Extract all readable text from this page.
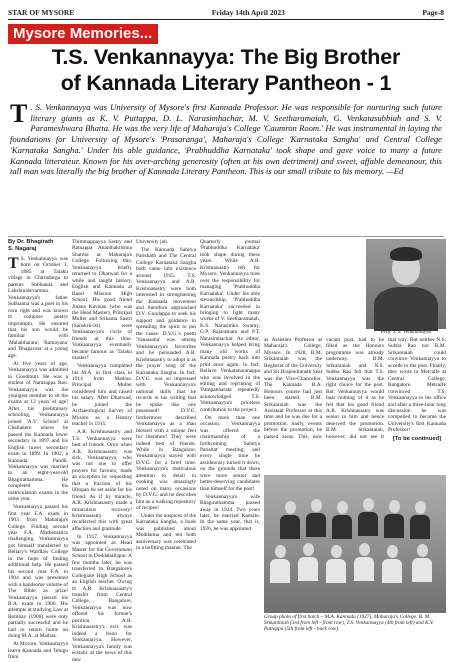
STAR OF MYSORE	Friday 14th April 2023	Page-8
Mysore Memories...
T.S. Venkannayya: The Big Brother
of Kannada Literary Pantheon - 1
T . S. Venkannayya was University of Mysore's first Kannada Professor. He was responsible for nurturing such future literary giants as K. V. Puttappa, D. L. Narasimhachar, M. V. Seetharamaiah, G. Venkatasubbiah and S. V. Parameshwara Bhatta. He was the very life of Maharaja's College 'Caumron Room.' He was instrumental in laying the foundations for University of Mysore's 'Prasaranga', Maharaja's College 'Karnataka Sangha' and Central College 'Karnataka Sangha.' Under his able guidance, 'Prabhuddha Karnataka' took shape and gave voice to many a future Kannada litterateur. Known for his over-arching generosity (often at his own detriment) and sweet, affable demeanour, this tall man was literally the big brother of Kannada Literary Pantheon. This is our small tribute to his memory. —Ed
By Dr. Bhagirath
S. Nagaraj

T S. Venkannayya was born on October 1, 1885 at Talaku village in Chitradurga to parents Subbanna and Lakshmidevamma. Venkannayya's father Subbanna was a poet in his own right and was known to compose poetry impromptu. He ensured that his son would be familiar with 'Mahabharata', 'Ramayana' and 'Bhagavata' at a young age.

At five years of age, Venkannayya was admitted to Goodmuti. He was a student of Narasappa Rao. Venkannayya was the youngest member to sit the exams at 12 years of age! After his preliminary schooling, Venkannayya joined 'A.V. School' at Challakere where he passed the Kannada lower secondary in 1897 and his English lower secondary exam in 1899. In 1902, a Kannada Pandit, Venkannayya was married to an eight-year-old Bhagirathamma. He completed his matriculation exams in the same year.

Venkannayya passed his first year F.A. exam in 1903 from Maharaja's College. Finding second year F.A. Mathematics challenging, Venkannayya got himself transferred to Bellary's Wardlaw College in the hope of finding additional help. He passed his second year F.A. in 1904 and was presented with a handsome volume of The Bible as prize! Venkannayya passed his B.A. exam in 1906. His attempts at studying Law at Bombay (1906) were only partially successful and he had to return home on doing M.A. at Madras.

At Mysore, Venkannayya learnt Kannada and Telugu from

Thimmappayya Sastry and Ratnappa Ananthakrishna Sharma at Maharaja's College. Following this, Venkannayya briefly returned to Dharwad for a while and taught history, English and Kannada at Basel Mission High School. His good friend Jinana Kavisan (who was the Head Master), Principal Muller and Srikanta Sastri (Sanskrit-ist) were Venkannayya's circle of friends at this time. Venkannayya eventually became famous as 'Talaku master!'

Venkannayya completed his M.A. in first class in 1914 from Madras. Principal Muller considered him and raised his salary. After Dharwad, he joined the Archaeological Survey of Mysore as a History teacher in 1915.

A.R. Krishnasastry and T.S. Venkannayya were best of friends. Once when A.R. Krishnasastry was sick, Venkannayya, who was not one to offer prayers for favours, made an exception by requesting that a fraction of his lifespan be set aside for his friend. As if by miracle, A.R. Krishnasastry made a miraculous recovery! Krishnasastry always recollected this with great affection and gratitude.

In 1917, Venkannayya was appointed as Head Master for the Government School in Doddaballapur. A few months later, he was transferred to Bangalore's Collegiate High School as an English teacher. Owing to A.R. Krishnasastry's transfer from Central College, Bangalore, Venkannayya was now offered his former's position. A.R. Krishnasastry's exit was indeed a boon for Venkannayya. However, Venkannayya's family was ecstatic at the news of this new

University job.

The Kannada Sahitya Parishath and The Central College Karnataka Sangha both came into existence around 1915. T.S. Venkannayya and A.R. Krishnasastry were both interested in strengthening the Kannada movement and therefore approached D.V. Gundappa to seek his support and guidance in spreading the spirit to put the cause. D.V.G.'s poem 'Vanasuma' was among Venkannayya's favourites and he persuaded A.R. Krishnasastry to adopt it as the prayer song of the Karnataka Sangha. In fact, D.V.G. was so impressed with Venkannayya's notional skills that he records in his writing that he spoke like one possessed! D.V.G. furthermore described Venkannayya as a man blessed with a unique feel for literature! They were indeed best of friends. While in Bangalore, Venkannayya stayed with D.V.G. for a brief time. Venkannayya's meticulous attention to detail in cooking was amazingly noted on many occasions by D.V.G. and he describes him as a walking repository of recipes!

Under the auspices of the Karnataka Sangha, a book was published about Muddanna and ten both anniversary was celebrated in a befitting manner. The

Quarterly journal 'Prabhuddha Karnataka' took shape during these years. While A.R. Krishnasastry left for Mysore, Venkannayya took over the responsibility for managing 'Prabhuddha Karnataka'. Under his able stewardship, 'Prabhuddha Karnataka' succeeded in bringing to light many works of V. Seetharamaiah, K.S. Narasimha Swamy, G.P. Rajaratnam and P.T. Narasimhachar. As editor, Venkannayya helped bring many old works of Kannada poetry back into print once again. In fact, Bellave Venkatanaranappa who was involved in the editing and reprinting of 'Pampabharata' repeatedly acknowledged T.S. Venkannayya's priceless contribution to the project.

On more than one occasion, Venkannayya was offered the chairmanship of a forthcoming 'Sahitya Parishat' meeting; and every single time he assiduously turned it down, on the grounds that there were more senior and better-deserving candidates than himself for the post!

Venkannayya's wife Bhagirathamma passed away in 1924. Two years later, he married Kamalu. In the same year, that is, 1926, he was appointed

Prof. T. S. Venkannayya

as Assistant Professor at Maharaja's College, Mysore. In 1928, B.M. Srikantaiah was the Registrar of the University and Sir Brajendranath Seal was the Vice-Chancellor. The Kannada B.A. Honours course had just been started. B.M. Srikantaiah was the Assistant Professor at this time and he was due for a promotion. Sadly, events before the promotion, he passed away. This, now vacant post, had to be filled as the Honours programme was already underway. B.M. Srikantaiah and N.S. Subba Rao felt that T.S. Venkannayya was the right choice for the post. But Venkannayya would hear nothing of it as he felt that his good friend A.R. Krishnasastry was senior to him and hence deserved the promotion. B.M. Srikantaiah, however, did not see it that way. But neither N.S. Subba Rao nor B.M. Srikantaiah could convince Venkannayya to accede to the post. Finally, they wrote to Metcalfe at Central College, Bangalore. Metcalfe convinced T.S. Venkannayya to his office and after a three-hour long discussion he was compelled to become the University's first Kannada Professor!

[To be continued]

Group photo of first batch – M.A. Kannada (1927), Maharaja's College. B. M. Srikantaiah (3rd from left - front row), T.S. Venkannayya (4th from left) and K.V. Puttappa (5th from left - back row).
